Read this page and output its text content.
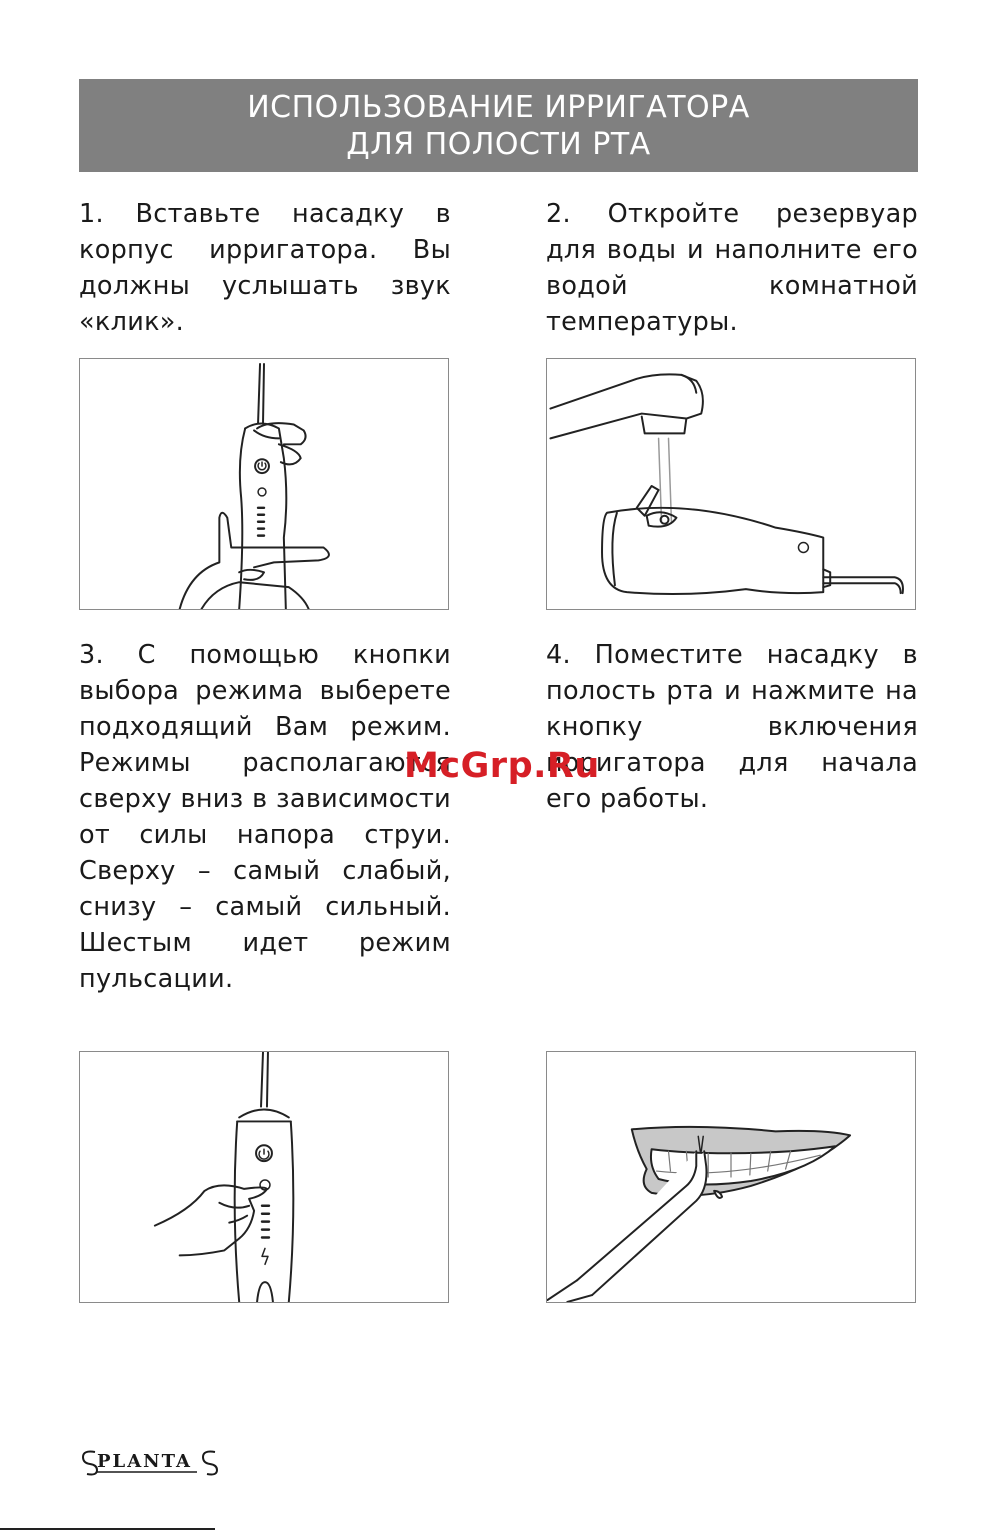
ИСПОЛЬЗОВАНИЕ ИРРИГАТОРА
ДЛЯ ПОЛОСТИ РТА

1. Вставьте насадку в корпус ирригатора. Вы должны услышать звук «клик».

2. Откройте резервуар для воды и наполните его водой комнатной температуры.

3. С помощью кнопки выбора режима выберете подходящий Вам режим. Режимы располагаются сверху вниз в зависимости от силы напора струи. Сверху – самый слабый, снизу – самый сильный. Шестым идет режим пульсации.

4. Поместите насадку в полость рта и нажмите на кнопку включения ирригатора для начала его работы.

McGrp.Ru
PLANTA
